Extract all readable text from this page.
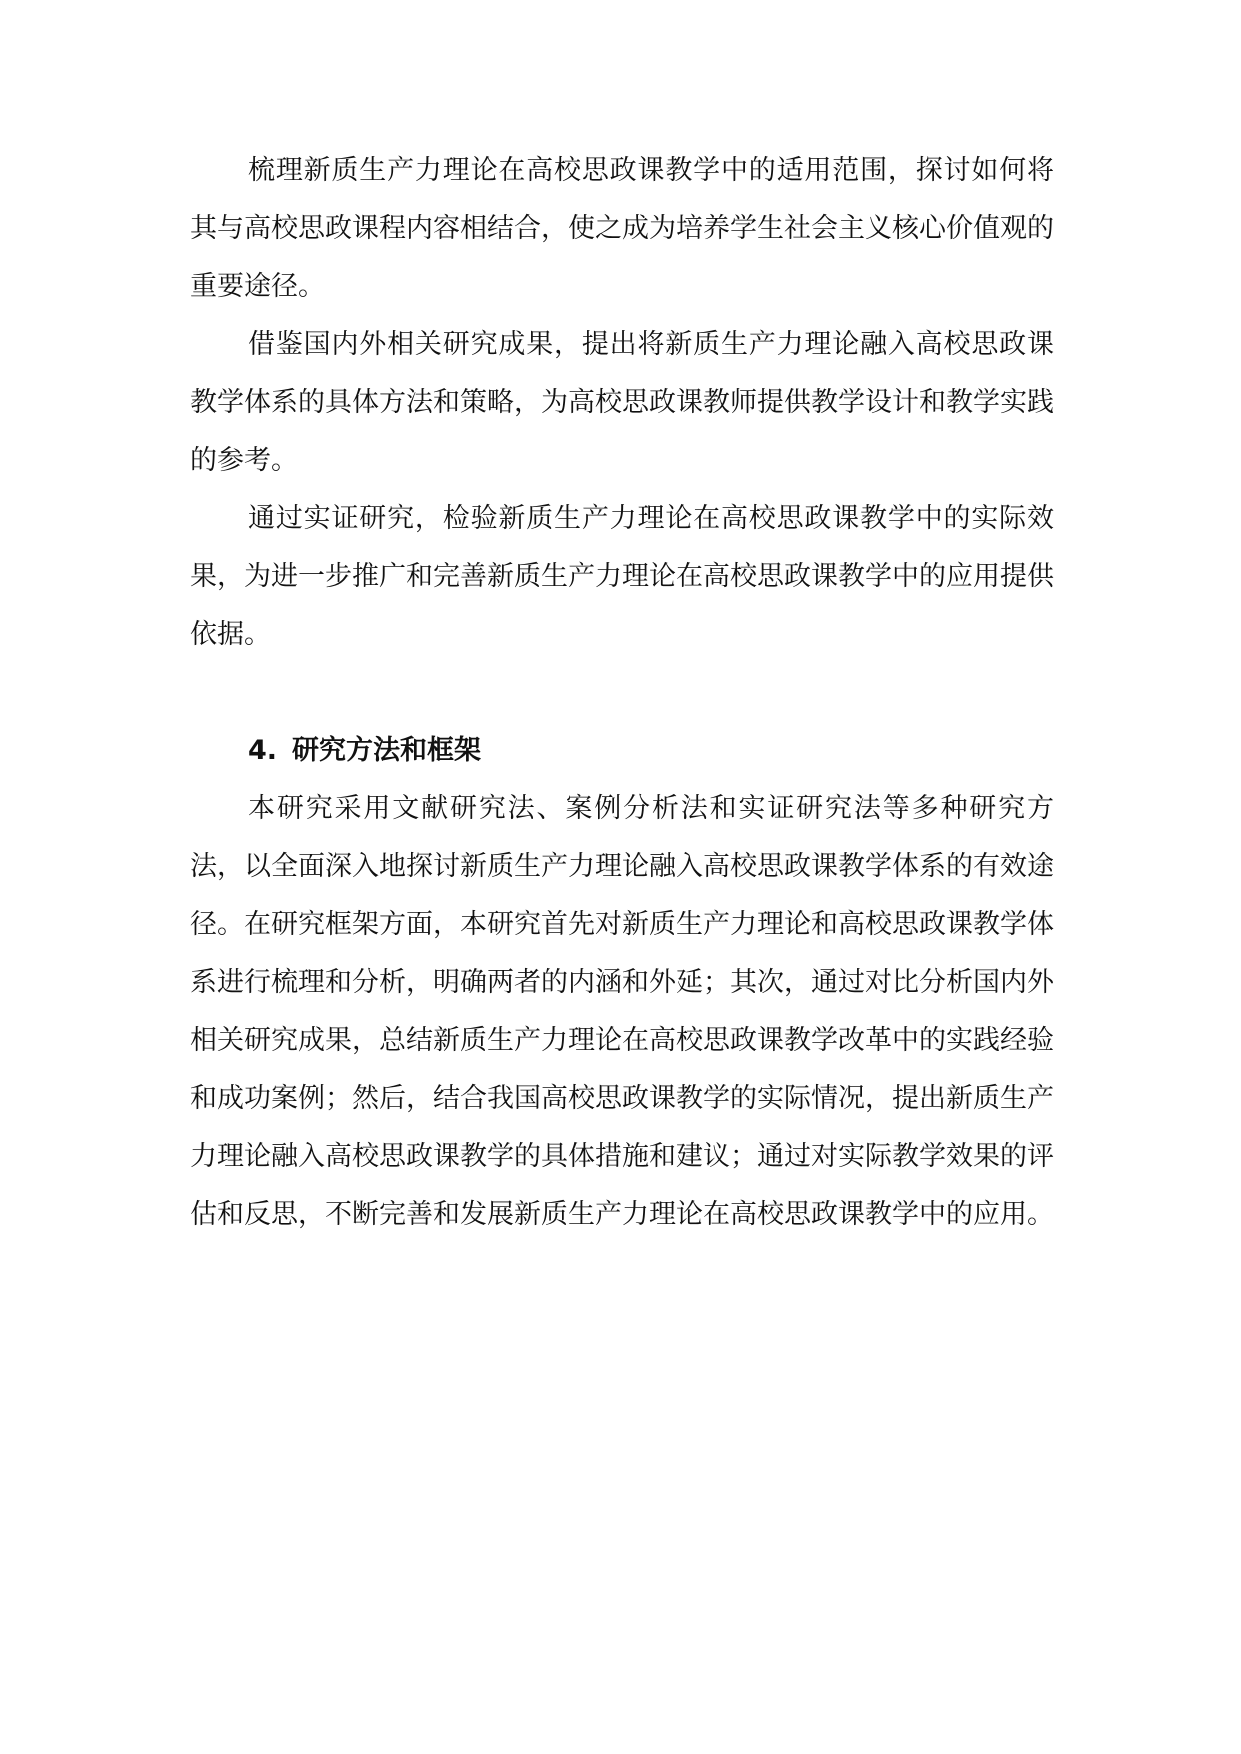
梳理新质生产力理论在高校思政课教学中的适用范围，探讨如何将其与高校思政课程内容相结合，使之成为培养学生社会主义核心价值观的重要途径。

借鉴国内外相关研究成果，提出将新质生产力理论融入高校思政课教学体系的具体方法和策略，为高校思政课教师提供教学设计和教学实践的参考。

通过实证研究，检验新质生产力理论在高校思政课教学中的实际效果，为进一步推广和完善新质生产力理论在高校思政课教学中的应用提供依据。

4. 研究方法和框架

本研究采用文献研究法、案例分析法和实证研究法等多种研究方法，以全面深入地探讨新质生产力理论融入高校思政课教学体系的有效途径。在研究框架方面，本研究首先对新质生产力理论和高校思政课教学体系进行梳理和分析，明确两者的内涵和外延；其次，通过对比分析国内外相关研究成果，总结新质生产力理论在高校思政课教学改革中的实践经验和成功案例；然后，结合我国高校思政课教学的实际情况，提出新质生产力理论融入高校思政课教学的具体措施和建议；通过对实际教学效果的评估和反思，不断完善和发展新质生产力理论在高校思政课教学中的应用。
